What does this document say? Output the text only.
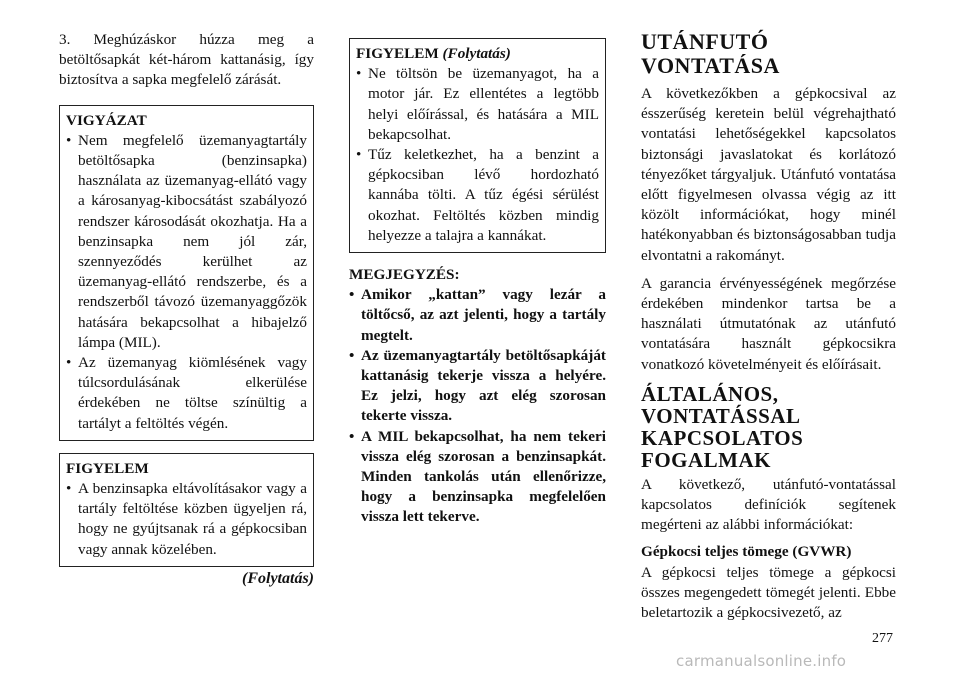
3. Meghúzáskor húzza meg a betöltősapkát két-három kattanásig, így biztosítva a sapka megfelelő zárását.

VIGYÁZAT
• Nem megfelelő üzemanyagtartály betöltősapka (benzinsapka) használata az üzemanyag-ellátó vagy a károsanyag-kibocsátást szabályozó rendszer károsodását okozhatja. Ha a benzinsapka nem jól zár, szennyeződés kerülhet az üzemanyag-ellátó rendszerbe, és a rendszerből távozó üzemanyaggőzök hatására bekapcsolhat a hibajelző lámpa (MIL).
• Az üzemanyag kiömlésének vagy túlcsordulásának elkerülése érdekében ne töltse színültig a tartályt a feltöltés végén.
FIGYELEM
• A benzinsapka eltávolításakor vagy a tartály feltöltése közben ügyeljen rá, hogy ne gyújtsanak rá a gépkocsiban vagy annak közelében.
(Folytatás)
FIGYELEM (Folytatás)
• Ne töltsön be üzemanyagot, ha a motor jár. Ez ellentétes a legtöbb helyi előírással, és hatására a MIL bekapcsolhat.
• Tűz keletkezhet, ha a benzint a gépkocsiban lévő hordozható kannába tölti. A tűz égési sérülést okozhat. Feltöltés közben mindig helyezze a talajra a kannákat.
MEGJEGYZÉS:
• Amikor „kattan” vagy lezár a töltőcső, az azt jelenti, hogy a tartály megtelt.
• Az üzemanyagtartály betöltősapkáját kattanásig tekerje vissza a helyére. Ez jelzi, hogy azt elég szorosan tekerte vissza.
• A MIL bekapcsolhat, ha nem tekeri vissza elég szorosan a benzinsapkát. Minden tankolás után ellenőrizze, hogy a benzinsapka megfelelően vissza lett tekerve.
UTÁNFUTÓ VONTATÁSA

A következőkben a gépkocsival az ésszerűség keretein belül végrehajtható vontatási lehetőségekkel kapcsolatos biztonsági javaslatokat és korlátozó tényezőket tárgyaljuk. Utánfutó vontatása előtt figyelmesen olvassa végig az itt közölt információkat, hogy minél hatékonyabban és biztonságosabban tudja elvontatni a rakományt.

A garancia érvényességének megőrzése érdekében mindenkor tartsa be a használati útmutatónak az utánfutó vontatására használt gépkocsikra vonatkozó követelményeit és előírásait.

ÁLTALÁNOS, VONTATÁSSAL KAPCSOLATOS FOGALMAK

A következő, utánfutó-vontatással kapcsolatos definíciók segítenek megérteni az alábbi információkat:

Gépkocsi teljes tömege (GVWR)

A gépkocsi teljes tömege a gépkocsi összes megengedett tömegét jelenti. Ebbe beletartozik a gépkocsivezető, az

277
carmanualsonline.info
